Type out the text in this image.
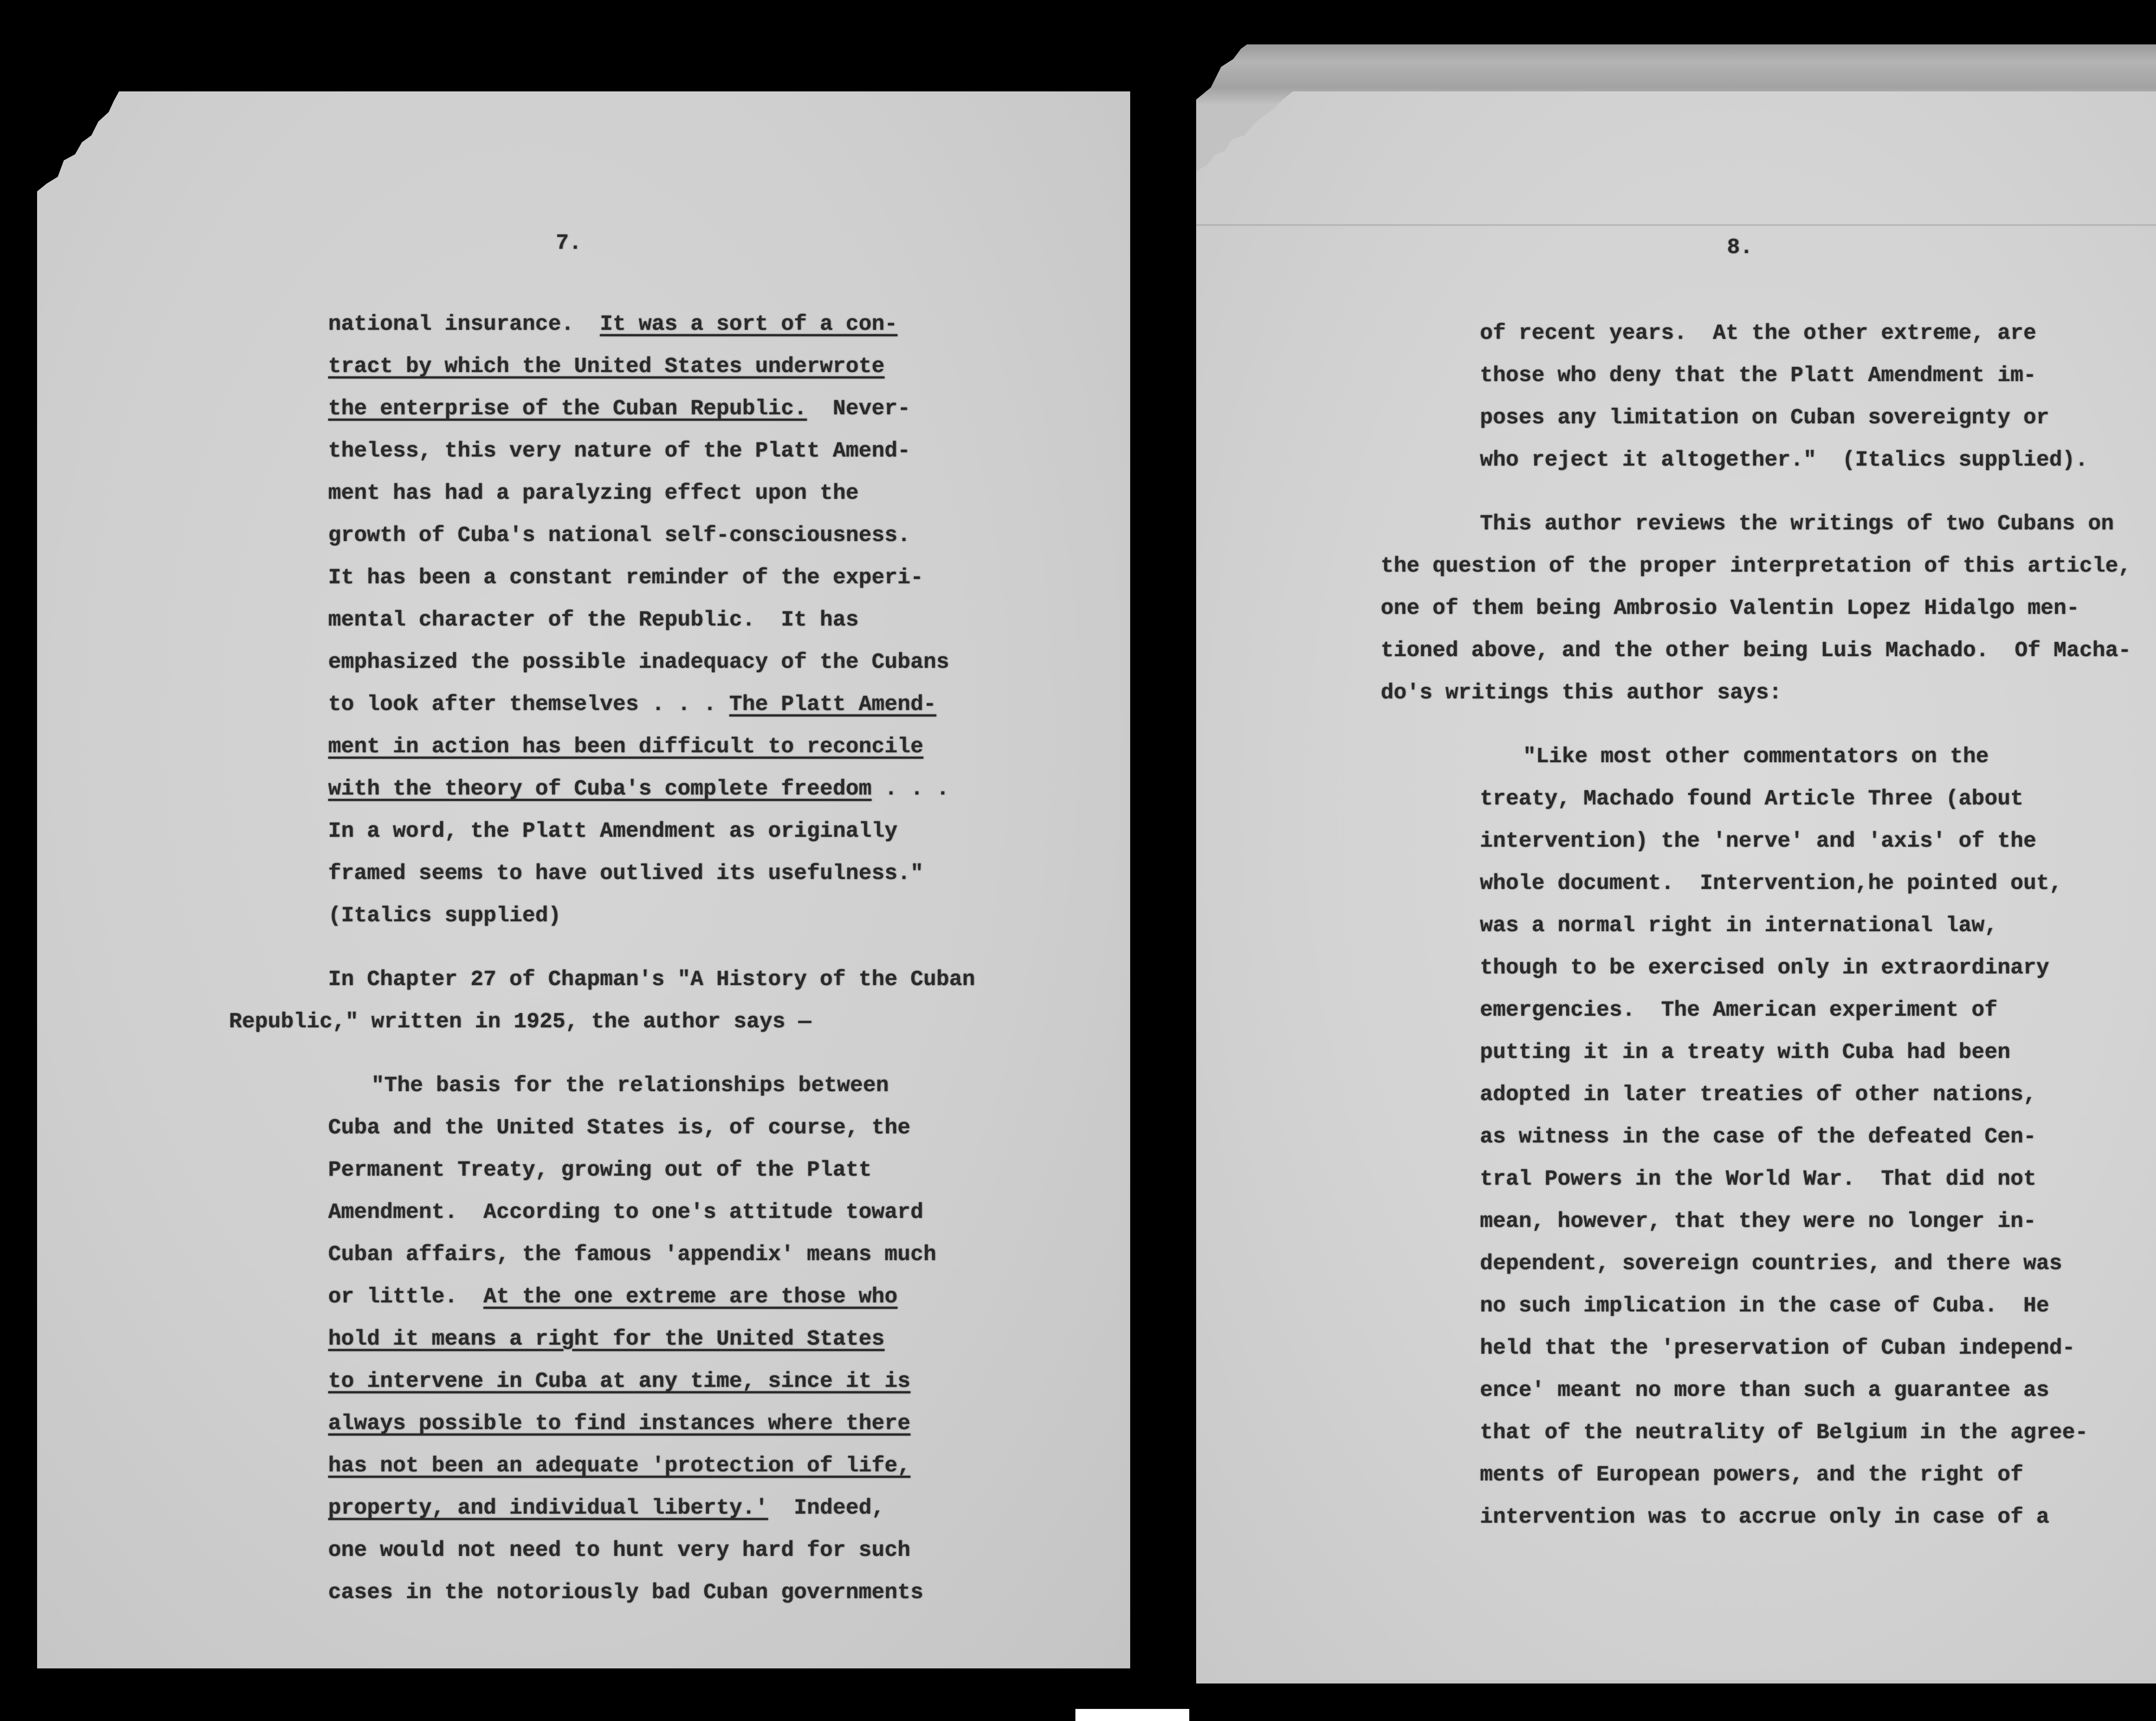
7.	8.
national insurance.  It was a sort of a con-
tract by which the United States underwrote
the enterprise of the Cuban Republic.  Never-
theless, this very nature of the Platt Amend-
ment has had a paralyzing effect upon the
growth of Cuba's national self-consciousness.
It has been a constant reminder of the experi-
mental character of the Republic.  It has
emphasized the possible inadequacy of the Cubans
to look after themselves . . . The Platt Amend-
ment in action has been difficult to reconcile
with the theory of Cuba's complete freedom . . .
In a word, the Platt Amendment as originally
framed seems to have outlived its usefulness."
(Italics supplied)
In Chapter 27 of Chapman's "A History of the Cuban
Republic," written in 1925, the author says —
"The basis for the relationships between
Cuba and the United States is, of course, the
Permanent Treaty, growing out of the Platt
Amendment.  According to one's attitude toward
Cuban affairs, the famous 'appendix' means much
or little.  At the one extreme are those who
hold it means a right for the United States
to intervene in Cuba at any time, since it is
always possible to find instances where there
has not been an adequate 'protection of life,
property, and individual liberty.'  Indeed,
one would not need to hunt very hard for such
cases in the notoriously bad Cuban governments
of recent years.  At the other extreme, are
those who deny that the Platt Amendment im-
poses any limitation on Cuban sovereignty or
who reject it altogether."  (Italics supplied).
This author reviews the writings of two Cubans on
the question of the proper interpretation of this article,
one of them being Ambrosio Valentin Lopez Hidalgo men-
tioned above, and the other being Luis Machado.  Of Macha-
do's writings this author says:
"Like most other commentators on the
treaty, Machado found Article Three (about
intervention) the 'nerve' and 'axis' of the
whole document.  Intervention,he pointed out,
was a normal right in international law,
though to be exercised only in extraordinary
emergencies.  The American experiment of
putting it in a treaty with Cuba had been
adopted in later treaties of other nations,
as witness in the case of the defeated Cen-
tral Powers in the World War.  That did not
mean, however, that they were no longer in-
dependent, sovereign countries, and there was
no such implication in the case of Cuba.  He
held that the 'preservation of Cuban independ-
ence' meant no more than such a guarantee as
that of the neutrality of Belgium in the agree-
ments of European powers, and the right of
intervention was to accrue only in case of a
